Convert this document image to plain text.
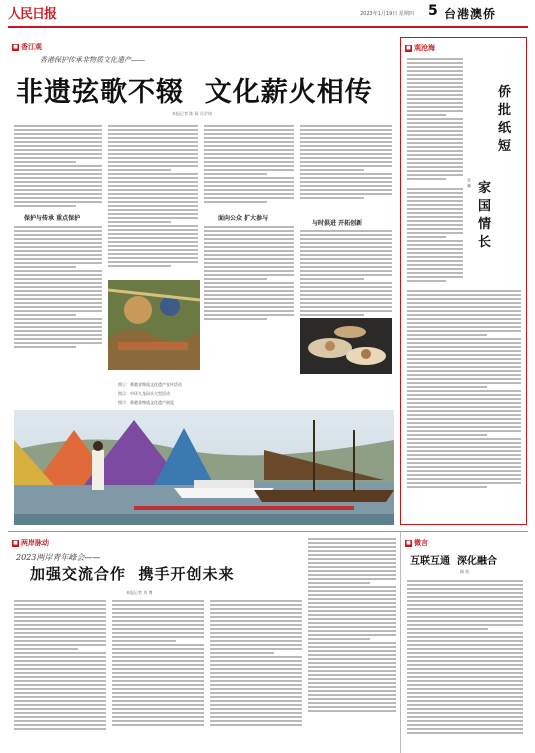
人民日报	2023年1月19日 星期四 5 台港澳侨
■ 香江观
香港保护传承非物质文化遗产——
非遗弦歌不辍  文化薪火相传
本报记者 陈 琛 冯学知
保护与传承 重点保护	面向公众 扩大参与
与时俱进 开拓创新
图①：香港非物质文化遗产宣传活动
图②：中环九龙码头大型活动
图③：香港非物质文化遗产展览
■ 观沧海
侨批纸短
家国情长
张 巍
■ 两岸脉动
2023两岸青年峰会——
加强交流合作  携手开创未来
本报记者 刘 博
■ 微言
互联互通  深化融合
顾 欣
